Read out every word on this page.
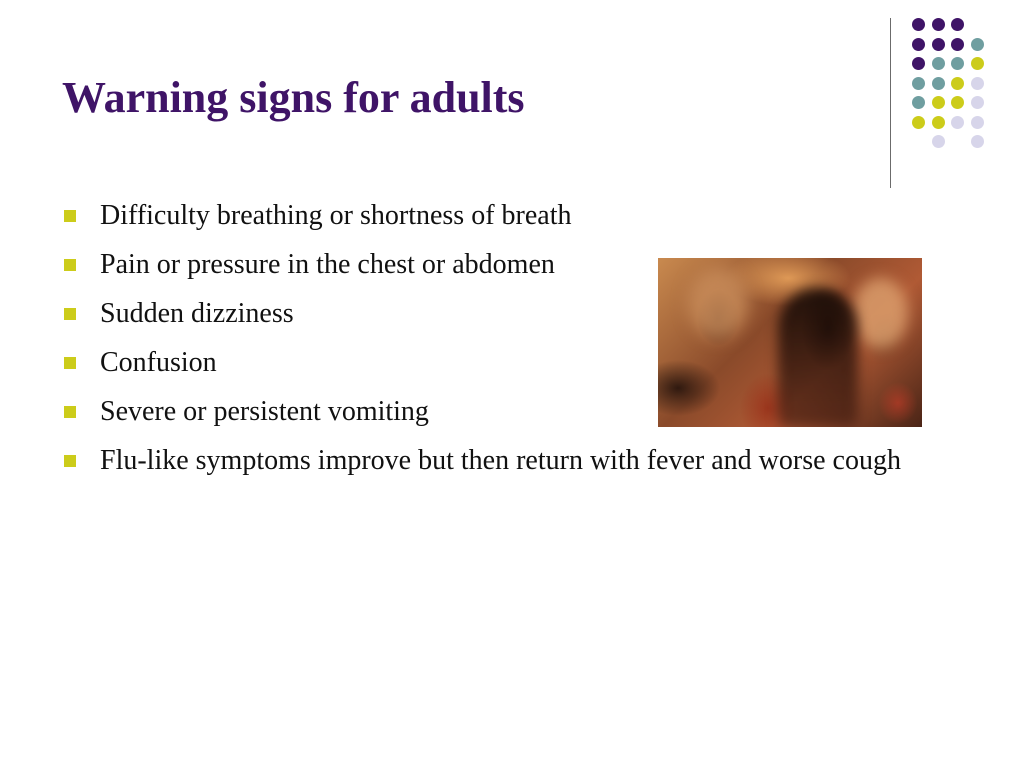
Warning signs for adults
Difficulty breathing or shortness of breath
Pain or pressure in the chest or abdomen
Sudden dizziness
Confusion
Severe or persistent vomiting
Flu-like symptoms improve but then return with fever and worse cough
